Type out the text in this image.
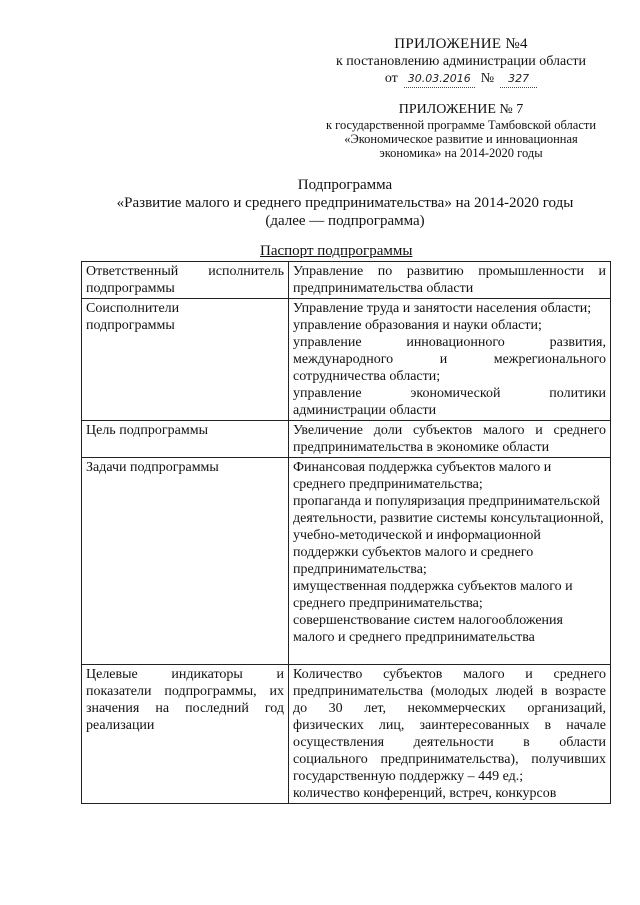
ПРИЛОЖЕНИЕ №4
к постановлению администрации области
от 30.03.2016 №	327
ПРИЛОЖЕНИЕ № 7
к государственной программе Тамбовской области
«Экономическое развитие и инновационная
экономика» на 2014-2020 годы
Подпрограмма
«Развитие малого и среднего предпринимательства» на 2014-2020 годы
(далее — подпрограмма)
Паспорт подпрограммы
Ответственный исполнитель подпрограммы	Управление по развитию промышленности и предпринимательства области

Соисполнители подпрограммы	Управление труда и занятости населения области;
управление образования и науки области;
управление инновационного развития, международного и межрегионального сотрудничества области;
управление экономической политики администрации области

Цель подпрограммы	Увеличение доли субъектов малого и среднего предпринимательства в экономике области

Задачи подпрограммы	Финансовая поддержка субъектов малого и среднего предпринимательства;
пропаганда и популяризация предпринимательской деятельности, развитие системы консультационной, учебно-методической и информационной поддержки субъектов малого и среднего предпринимательства;
имущественная поддержка субъектов малого и среднего предпринимательства;
совершенствование систем налогообложения малого и среднего предпринимательства

Целевые индикаторы и показатели подпрограммы, их значения на последний год реализации	Количество субъектов малого и среднего предпринимательства (молодых людей в возрасте до 30 лет, некоммерческих организаций, физических лиц, заинтересованных в начале осуществления деятельности в области социального предпринимательства), получивших государственную поддержку – 449 ед.;
количество конференций, встреч, конкурсов
